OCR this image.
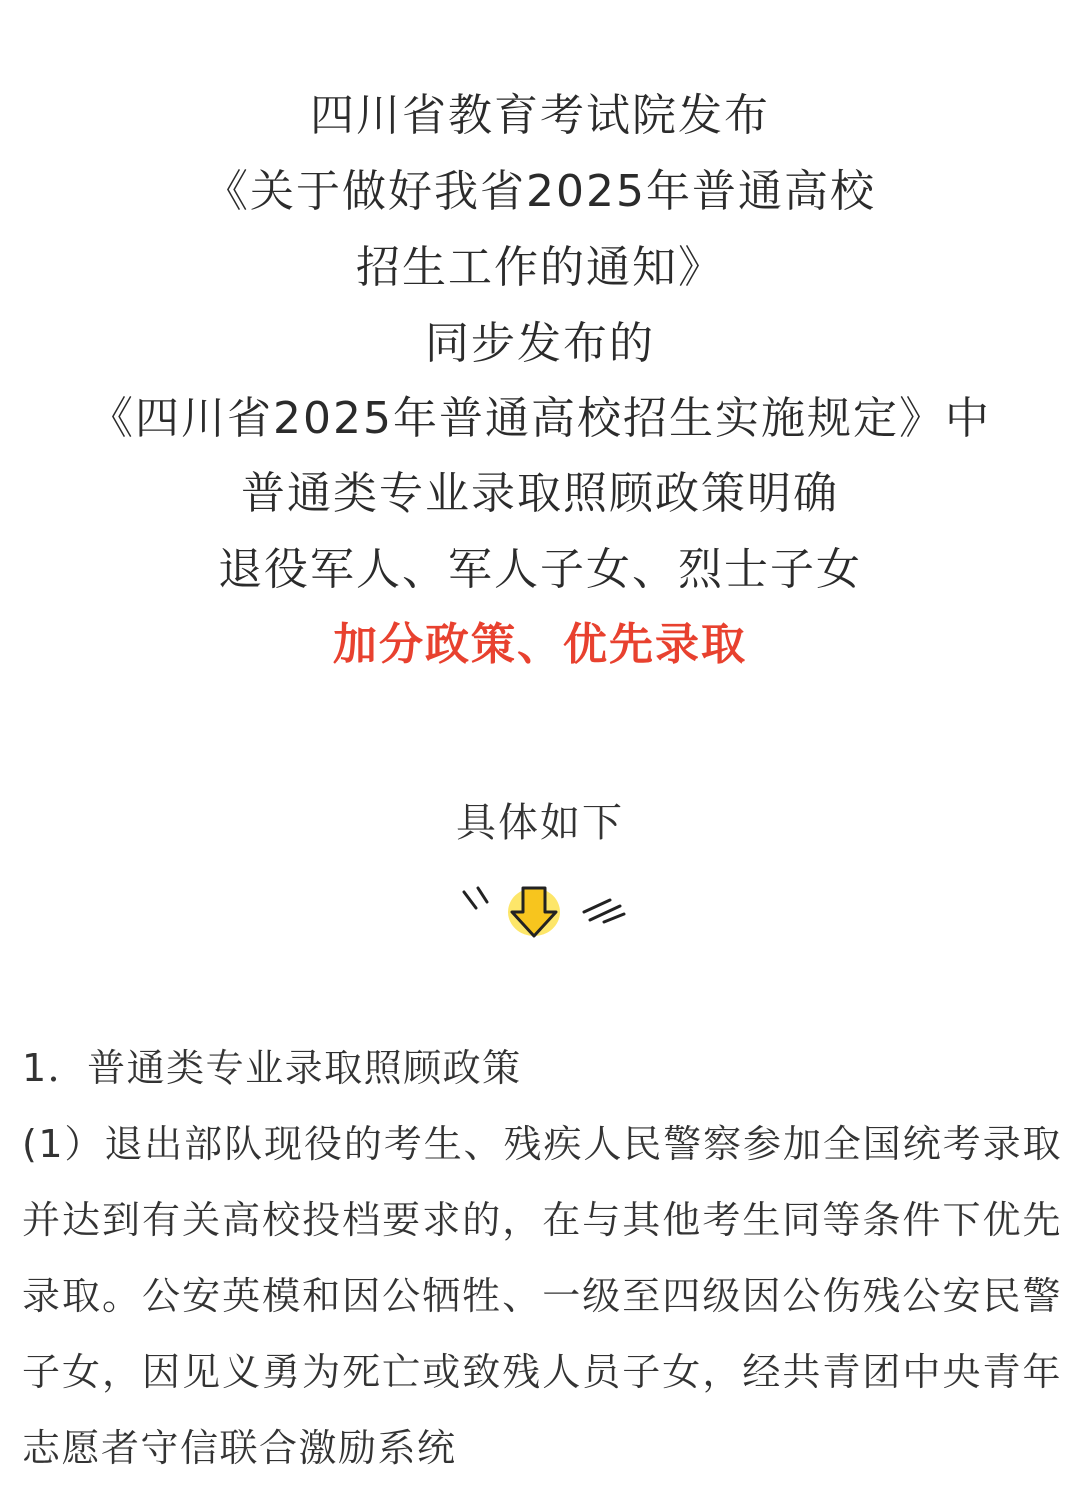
四川省教育考试院发布
《关于做好我省2025年普通高校
招生工作的通知》
同步发布的
《四川省2025年普通高校招生实施规定》中
普通类专业录取照顾政策明确
退役军人、军人子女、烈士子女
加分政策、优先录取
具体如下

1．普通类专业录取照顾政策

(1）退出部队现役的考生、残疾人民警察参加全国统考录取并达到有关高校投档要求的，在与其他考生同等条件下优先录取。公安英模和因公牺牲、一级至四级因公伤残公安民警子女，因见义勇为死亡或致残人员子女，经共青团中央青年志愿者守信联合激励系统
